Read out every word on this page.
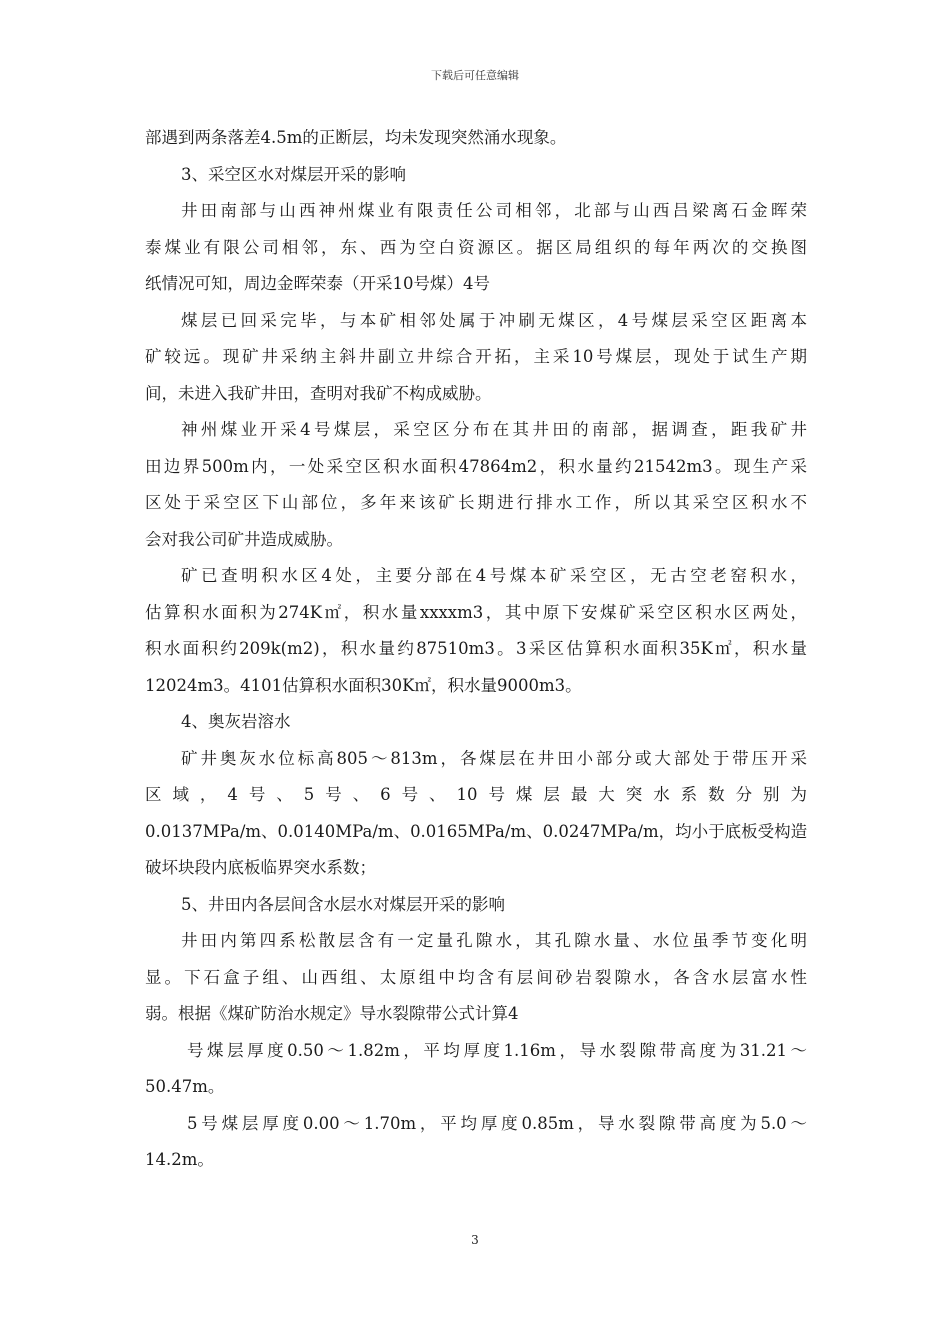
下载后可任意编辑
部遇到两条落差4.5m的正断层，均未发现突然涌水现象。
3、采空区水对煤层开采的影响
井田南部与山西神州煤业有限责任公司相邻，北部与山西吕梁离石金晖荣
泰煤业有限公司相邻，东、西为空白资源区。据区局组织的每年两次的交换图
纸情况可知，周边金晖荣泰（开采10号煤）4号
煤层已回采完毕，与本矿相邻处属于冲刷无煤区，4号煤层采空区距离本
矿较远。现矿井采纳主斜井副立井综合开拓，主采10号煤层，现处于试生产期
间，未进入我矿井田，查明对我矿不构成威胁。
神州煤业开采4号煤层，采空区分布在其井田的南部，据调查，距我矿井
田边界500m内，一处采空区积水面积47864m2，积水量约21542m3。现生产采
区处于采空区下山部位，多年来该矿长期进行排水工作，所以其采空区积水不
会对我公司矿井造成威胁。
矿已查明积水区4处，主要分部在4号煤本矿采空区，无古空老窑积水，
估算积水面积为274K㎡，积水量xxxxm3，其中原下安煤矿采空区积水区两处，
积水面积约209k(m2)，积水量约87510m3。3采区估算积水面积35K㎡，积水量
12024m3。4101估算积水面积30K㎡，积水量9000m3。
4、奥灰岩溶水
矿井奥灰水位标高805～813m，各煤层在井田小部分或大部处于带压开采
区域，4号、5号、6号、10号煤层最大突水系数分别为
0.0137MPa/m、0.0140MPa/m、0.0165MPa/m、0.0247MPa/m，均小于底板受构造
破坏块段内底板临界突水系数；
5、井田内各层间含水层水对煤层开采的影响
井田内第四系松散层含有一定量孔隙水，其孔隙水量、水位虽季节变化明
显。下石盒子组、山西组、太原组中均含有层间砂岩裂隙水，各含水层富水性
弱。根据《煤矿防治水规定》导水裂隙带公式计算4
号煤层厚度0.50～1.82m，平均厚度1.16m，导水裂隙带高度为31.21～
50.47m。
5号煤层厚度0.00～1.70m，平均厚度0.85m，导水裂隙带高度为5.0～
14.2m。
3
